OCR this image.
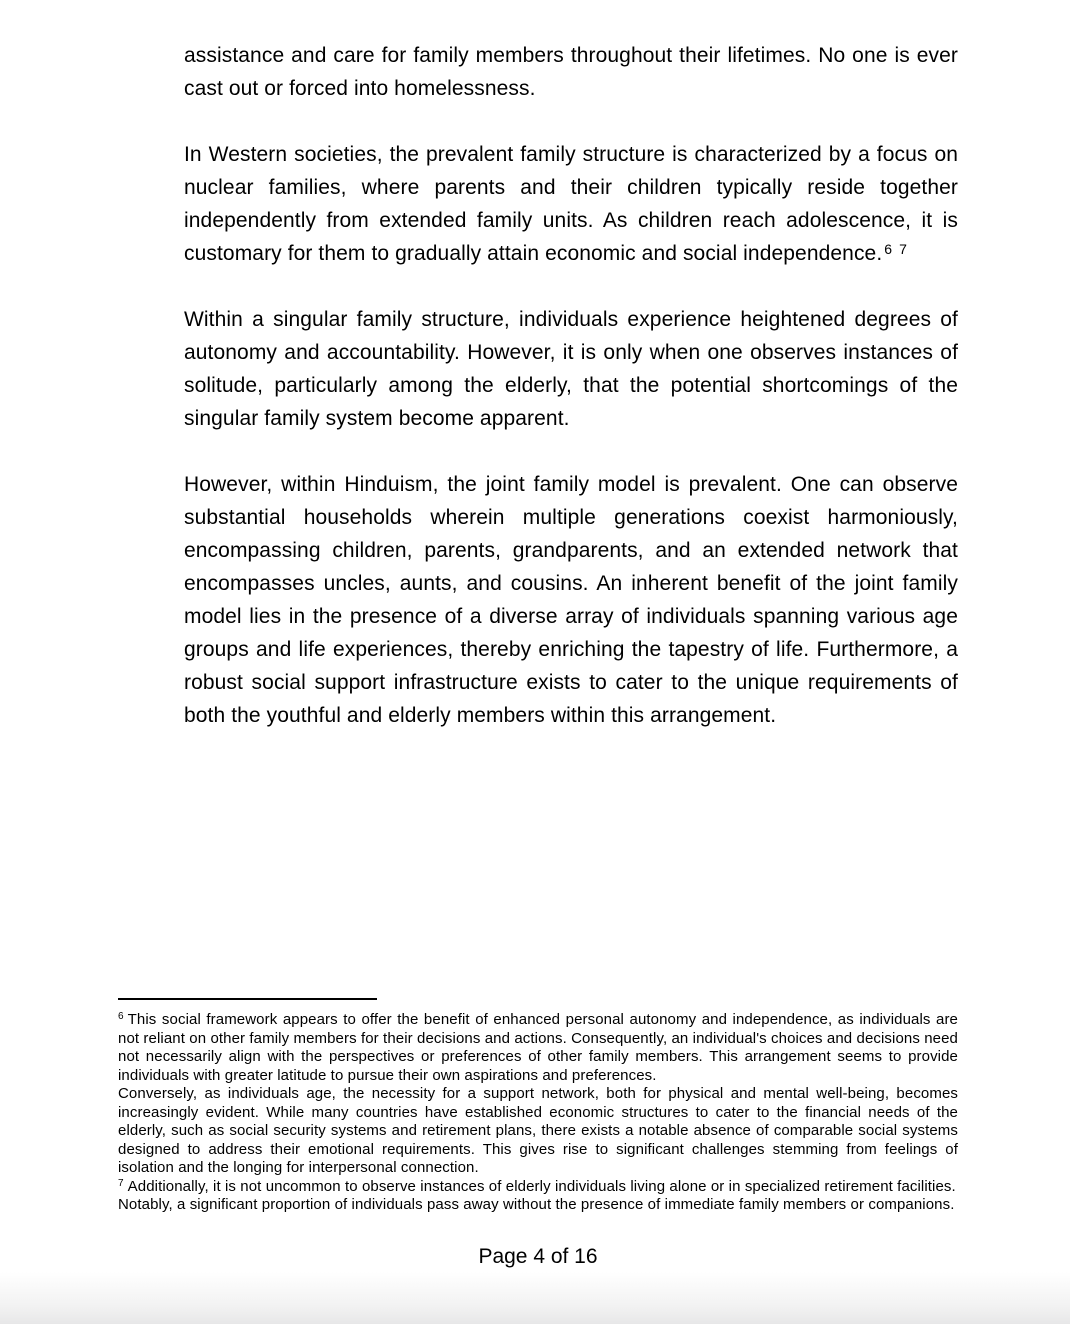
assistance and care for family members throughout their lifetimes. No one is ever cast out or forced into homelessness.

In Western societies, the prevalent family structure is characterized by a focus on nuclear families, where parents and their children typically reside together independently from extended family units. As children reach adolescence, it is customary for them to gradually attain economic and social independence. $^6$ $^7$

Within a singular family structure, individuals experience heightened degrees of autonomy and accountability. However, it is only when one observes instances of solitude, particularly among the elderly, that the potential shortcomings of the singular family system become apparent.

However, within Hinduism, the joint family model is prevalent. One can observe substantial households wherein multiple generations coexist harmoniously, encompassing children, parents, grandparents, and an extended network that encompasses uncles, aunts, and cousins. An inherent benefit of the joint family model lies in the presence of a diverse array of individuals spanning various age groups and life experiences, thereby enriching the tapestry of life. Furthermore, a robust social support infrastructure exists to cater to the unique requirements of both the youthful and elderly members within this arrangement.

$^6$ This social framework appears to offer the benefit of enhanced personal autonomy and independence, as individuals are not reliant on other family members for their decisions and actions. Consequently, an individual's choices and decisions need not necessarily align with the perspectives or preferences of other family members. This arrangement seems to provide individuals with greater latitude to pursue their own aspirations and preferences.

Conversely, as individuals age, the necessity for a support network, both for physical and mental well-being, becomes increasingly evident. While many countries have established economic structures to cater to the financial needs of the elderly, such as social security systems and retirement plans, there exists a notable absence of comparable social systems designed to address their emotional requirements. This gives rise to significant challenges stemming from feelings of isolation and the longing for interpersonal connection.

$^7$ Additionally, it is not uncommon to observe instances of elderly individuals living alone or in specialized retirement facilities.

Notably, a significant proportion of individuals pass away without the presence of immediate family members or companions.

Page 4 of 16
